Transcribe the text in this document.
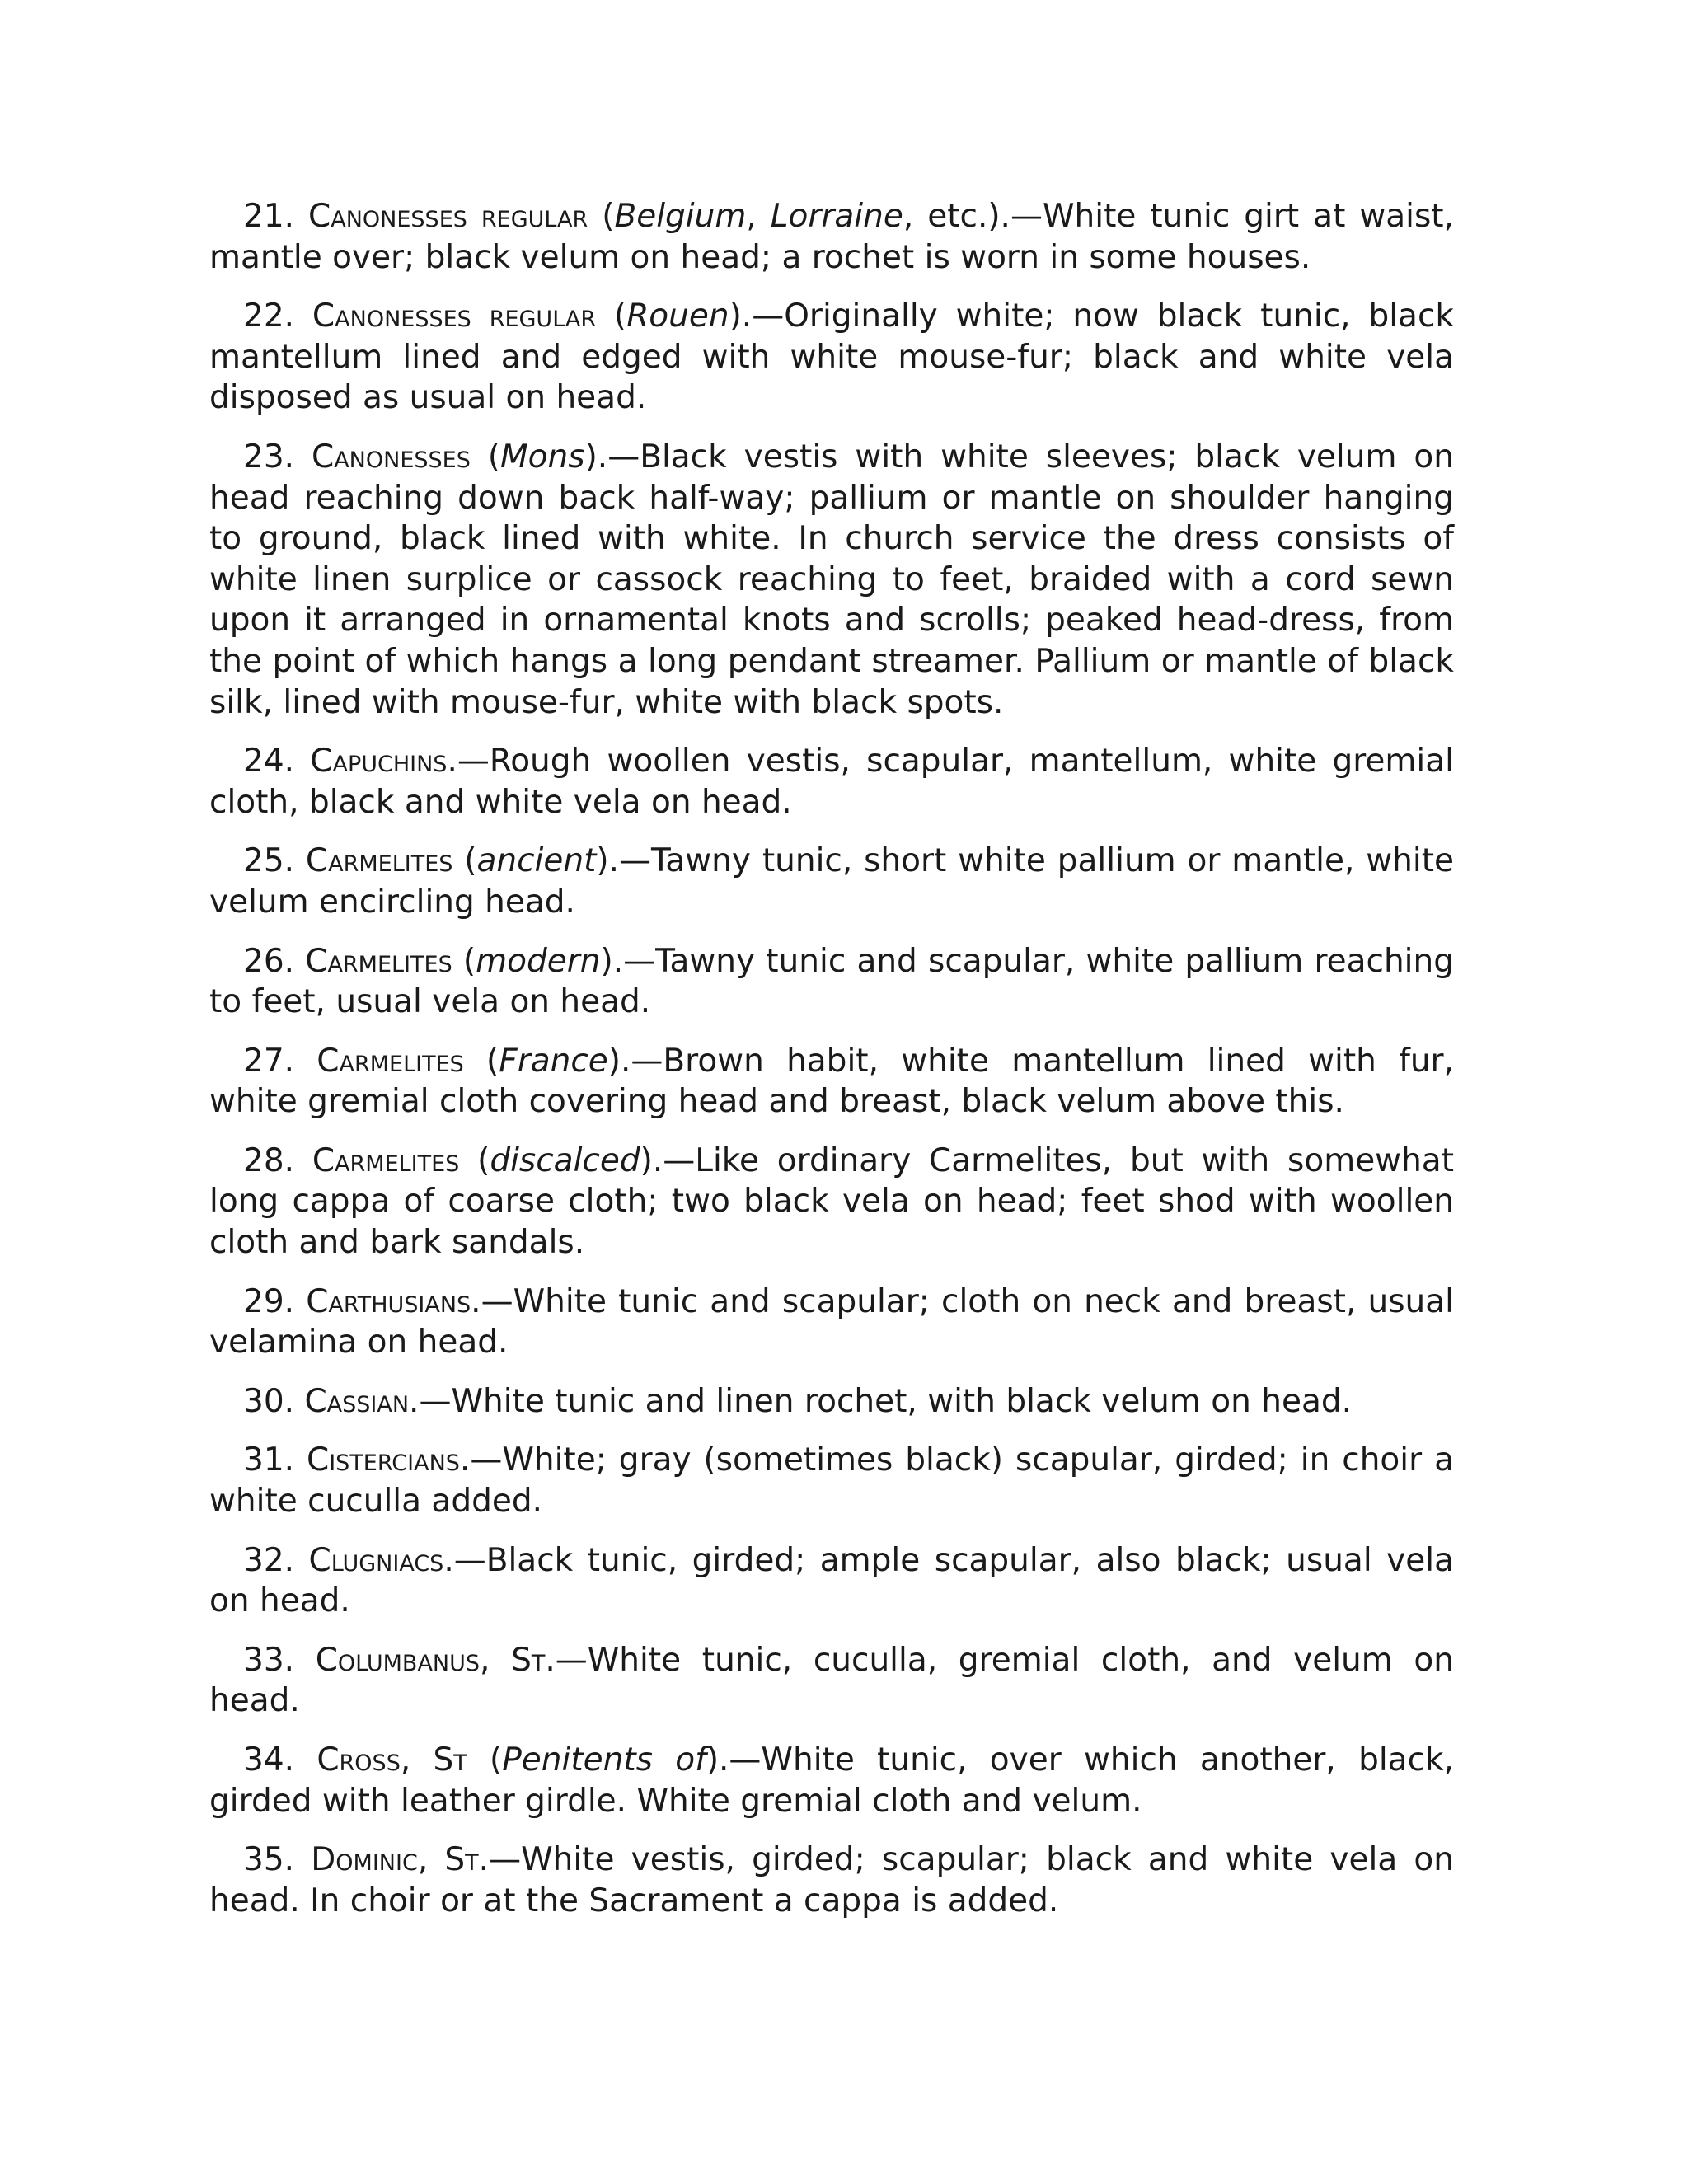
21. Canonesses regular (Belgium, Lorraine, etc.).—White tunic girt at waist, mantle over; black velum on head; a rochet is worn in some houses.

22. Canonesses regular (Rouen).—Originally white; now black tunic, black mantellum lined and edged with white mouse-fur; black and white vela disposed as usual on head.

23. Canonesses (Mons).—Black vestis with white sleeves; black velum on head reaching down back half-way; pallium or mantle on shoulder hanging to ground, black lined with white. In church service the dress consists of white linen surplice or cassock reaching to feet, braided with a cord sewn upon it arranged in ornamental knots and scrolls; peaked head-dress, from the point of which hangs a long pendant streamer. Pallium or mantle of black silk, lined with mouse-fur, white with black spots.

24. Capuchins.—Rough woollen vestis, scapular, mantellum, white gremial cloth, black and white vela on head.

25. Carmelites (ancient).—Tawny tunic, short white pallium or mantle, white velum encircling head.

26. Carmelites (modern).—Tawny tunic and scapular, white pallium reaching to feet, usual vela on head.

27. Carmelites (France).—Brown habit, white mantellum lined with fur, white gremial cloth covering head and breast, black velum above this.

28. Carmelites (discalced).—Like ordinary Carmelites, but with somewhat long cappa of coarse cloth; two black vela on head; feet shod with woollen cloth and bark sandals.

29. Carthusians.—White tunic and scapular; cloth on neck and breast, usual velamina on head.

30. Cassian.—White tunic and linen rochet, with black velum on head.

31. Cistercians.—White; gray (sometimes black) scapular, girded; in choir a white cuculla added.

32. Clugniacs.—Black tunic, girded; ample scapular, also black; usual vela on head.

33. Columbanus, St.—White tunic, cuculla, gremial cloth, and velum on head.

34. Cross, St (Penitents of).—White tunic, over which another, black, girded with leather girdle. White gremial cloth and velum.

35. Dominic, St.—White vestis, girded; scapular; black and white vela on head. In choir or at the Sacrament a cappa is added.
